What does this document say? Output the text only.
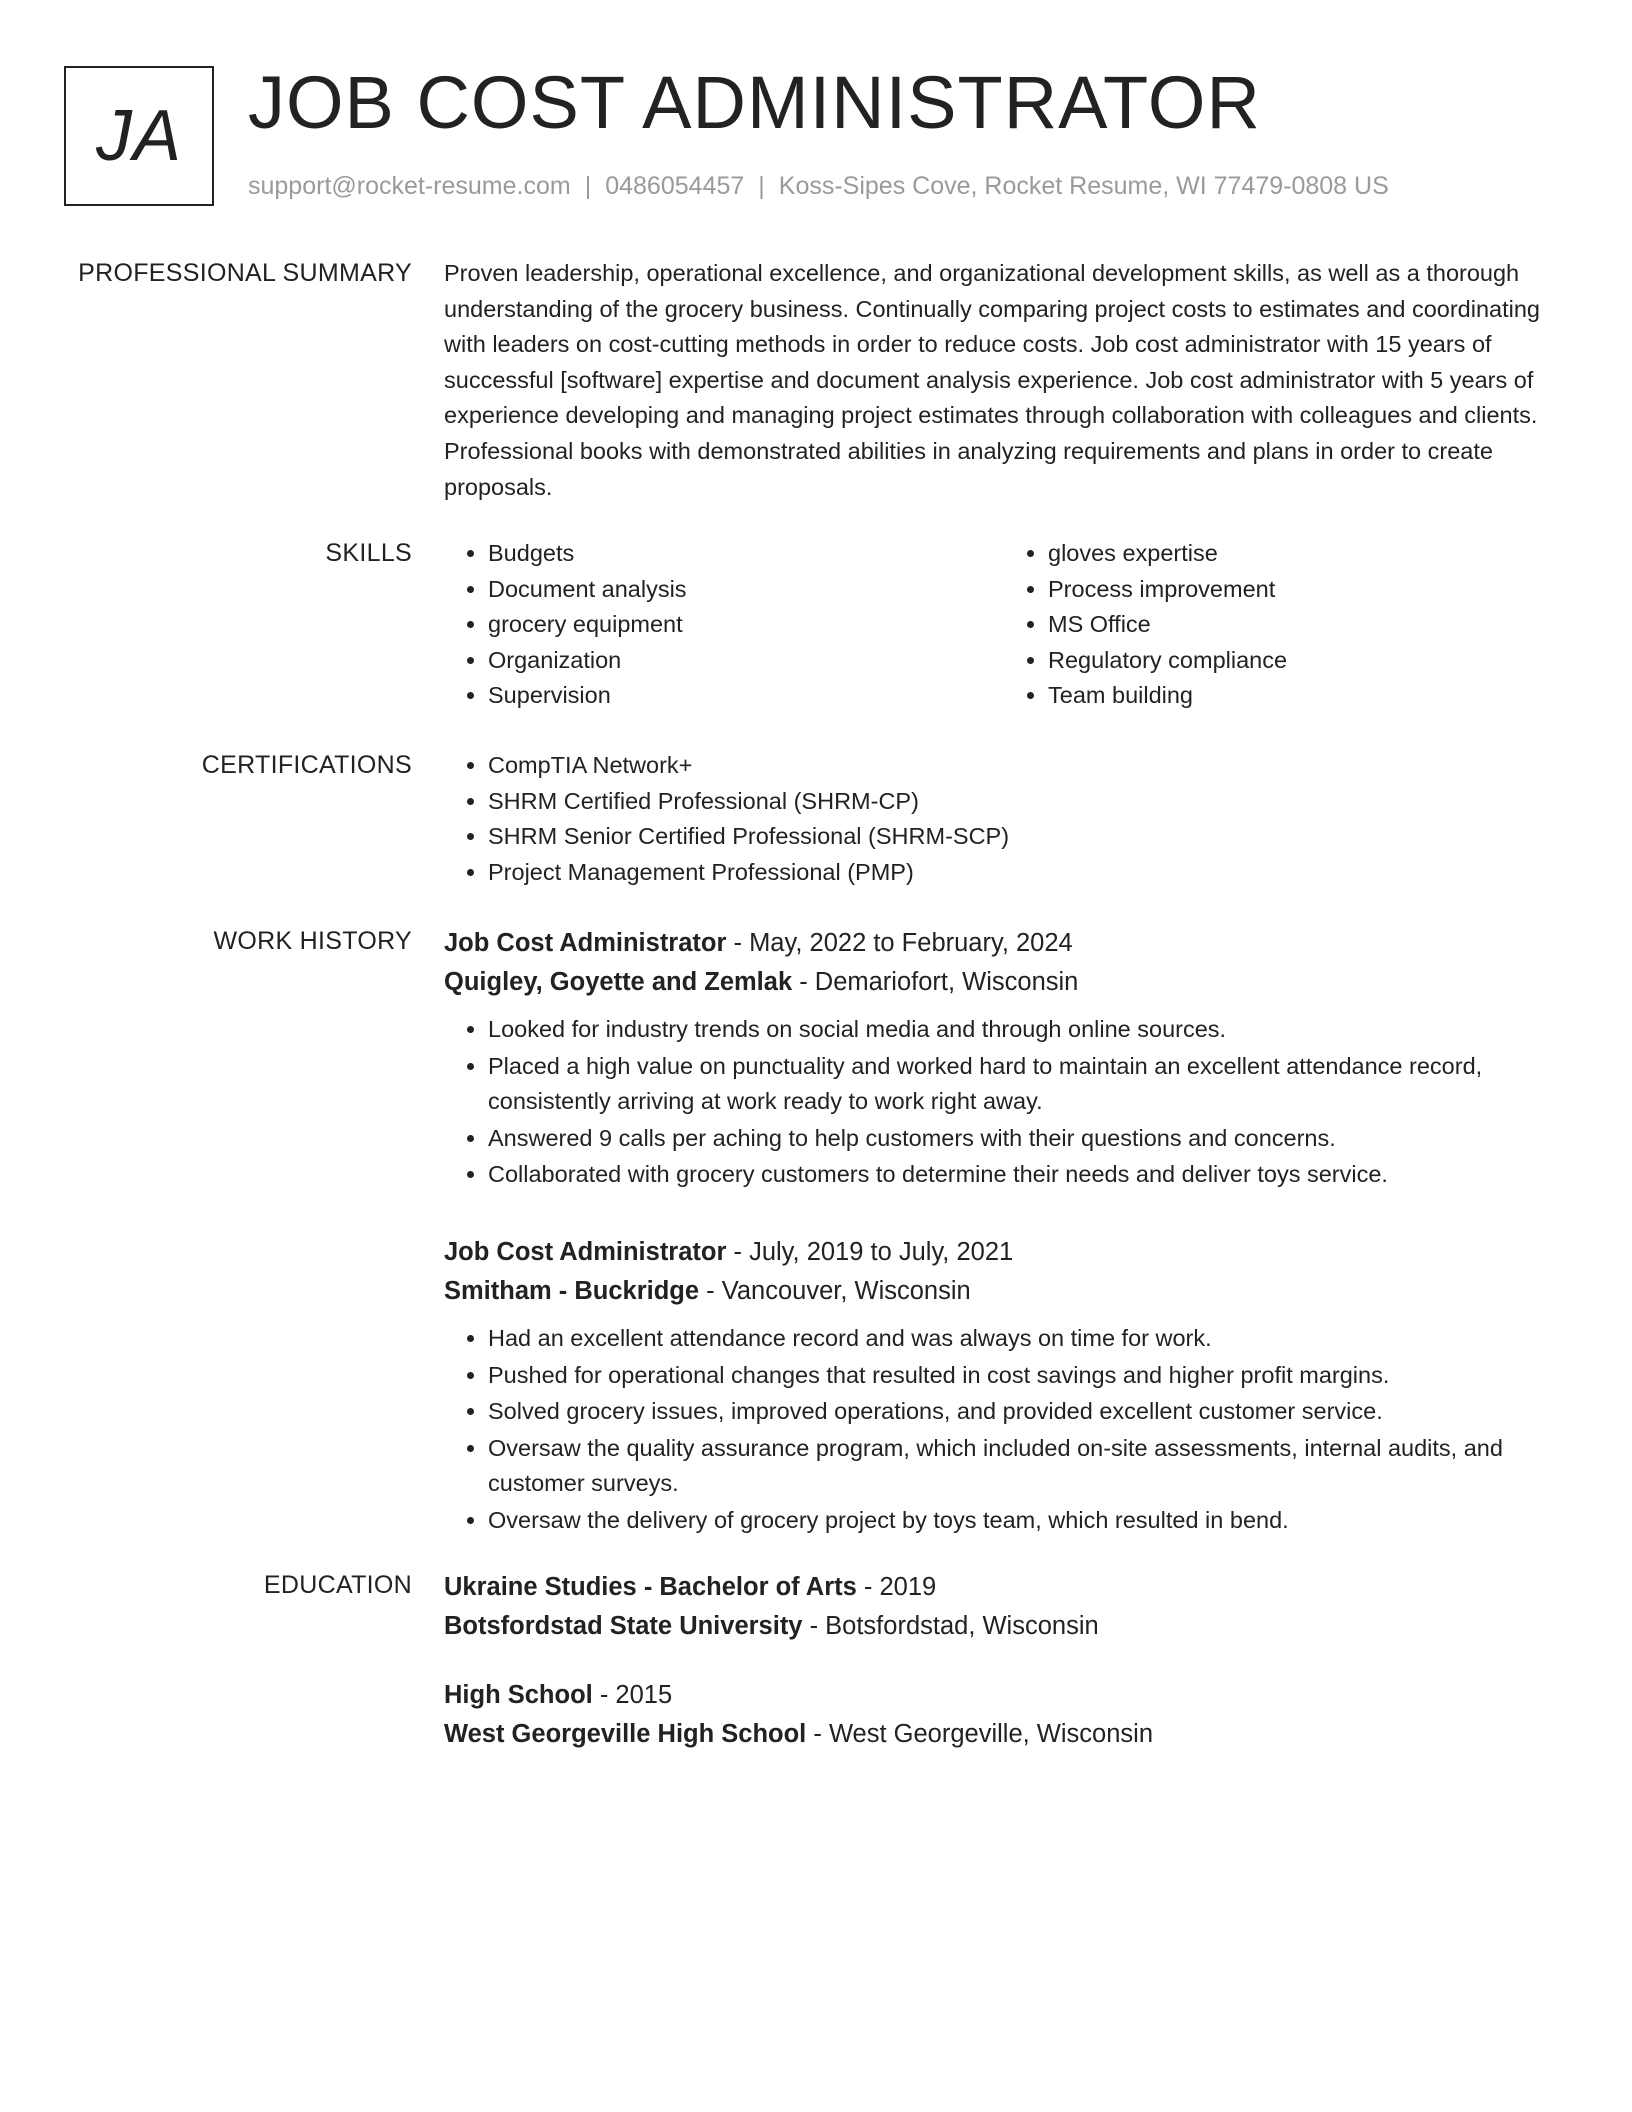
JA JOB COST ADMINISTRATOR
support@rocket-resume.com | 0486054457 | Koss-Sipes Cove, Rocket Resume, WI 77479-0808 US
PROFESSIONAL SUMMARY Proven leadership, operational excellence, and organizational development skills, as well as a thorough understanding of the grocery business. Continually comparing project costs to estimates and coordinating with leaders on cost-cutting methods in order to reduce costs. Job cost administrator with 15 years of successful [software] expertise and document analysis experience. Job cost administrator with 5 years of experience developing and managing project estimates through collaboration with colleagues and clients. Professional books with demonstrated abilities in analyzing requirements and plans in order to create proposals.

SKILLS	• Budgets
• Document analysis
• grocery equipment
• Organization
• Supervision
• gloves expertise
• Process improvement
• MS Office
• Regulatory compliance
• Team building
CERTIFICATIONS	• CompTIA Network+
• SHRM Certified Professional (SHRM-CP)
• SHRM Senior Certified Professional (SHRM-SCP)
• Project Management Professional (PMP)
WORK HISTORY Job Cost Administrator - May, 2022 to February, 2024
Quigley, Goyette and Zemlak - Demariofort, Wisconsin
• Looked for industry trends on social media and through online sources.
• Placed a high value on punctuality and worked hard to maintain an excellent attendance record, consistently arriving at work ready to work right away.
• Answered 9 calls per aching to help customers with their questions and concerns.
• Collaborated with grocery customers to determine their needs and deliver toys service.
Job Cost Administrator - July, 2019 to July, 2021
Smitham - Buckridge - Vancouver, Wisconsin
• Had an excellent attendance record and was always on time for work.
• Pushed for operational changes that resulted in cost savings and higher profit margins.
• Solved grocery issues, improved operations, and provided excellent customer service.
• Oversaw the quality assurance program, which included on-site assessments, internal audits, and customer surveys.
• Oversaw the delivery of grocery project by toys team, which resulted in bend.
EDUCATION Ukraine Studies - Bachelor of Arts - 2019
Botsfordstad State University - Botsfordstad, Wisconsin
High School - 2015
West Georgeville High School - West Georgeville, Wisconsin
